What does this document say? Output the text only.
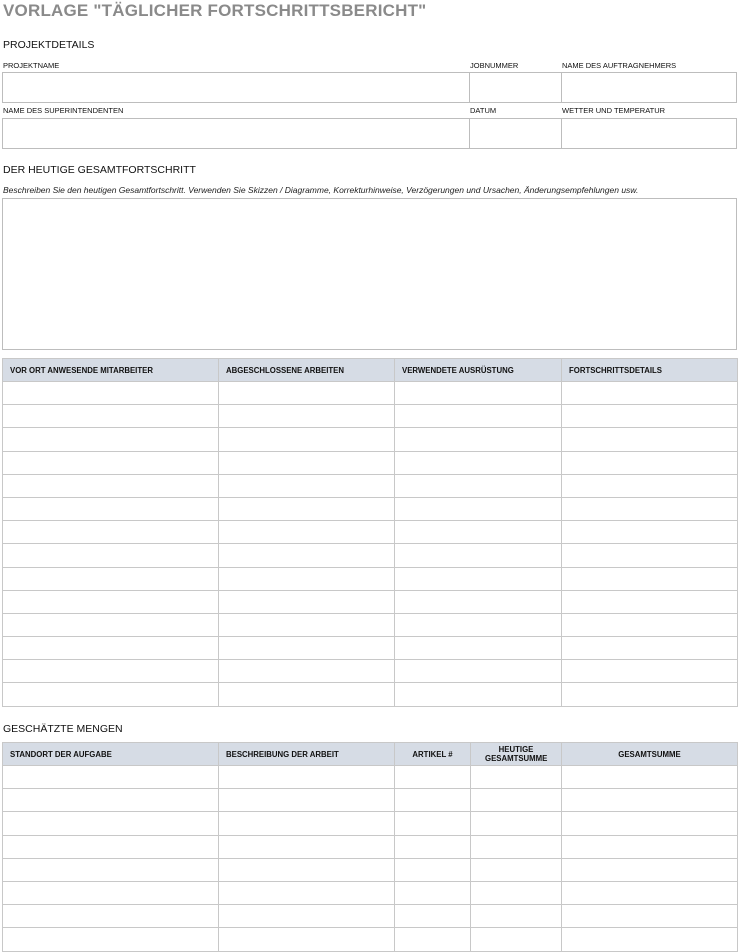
VORLAGE "TÄGLICHER FORTSCHRITTSBERICHT"
PROJEKTDETAILS
PROJEKTNAME	JOBNUMMER	NAME DES AUFTRAGNEHMERS
NAME DES SUPERINTENDENTEN	DATUM	WETTER UND TEMPERATUR
DER HEUTIGE GESAMTFORTSCHRITT
Beschreiben Sie den heutigen Gesamtfortschritt. Verwenden Sie Skizzen / Diagramme, Korrekturhinweise, Verzögerungen und Ursachen, Änderungsempfehlungen usw.
VOR ORT ANWESENDE MITARBEITER	ABGESCHLOSSENE ARBEITEN	VERWENDETE AUSRÜSTUNG	FORTSCHRITTSDETAILS

GESCHÄTZTE MENGEN
STANDORT DER AUFGABE	BESCHREIBUNG DER ARBEIT	ARTIKEL #	HEUTIGE GESAMTSUMME	GESAMTSUMME
